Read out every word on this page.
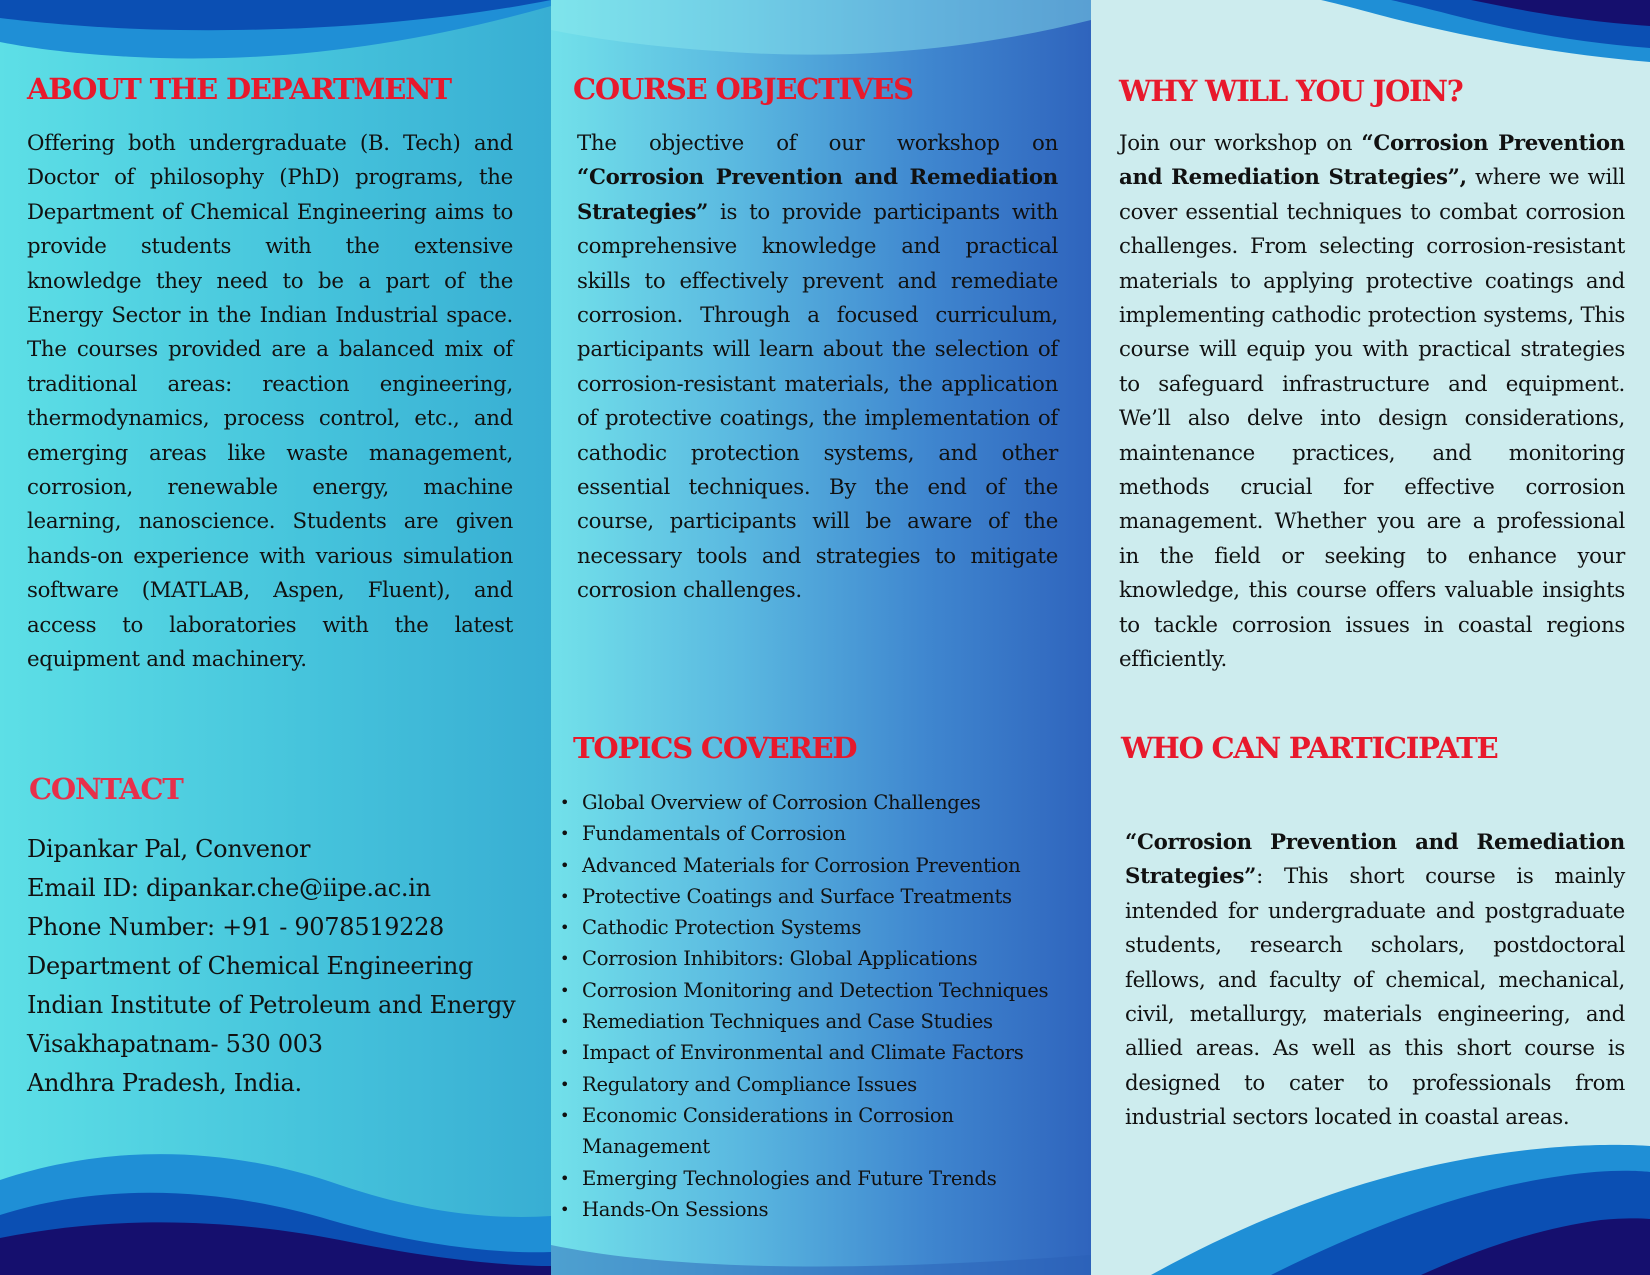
ABOUT THE DEPARTMENT

Offering both undergraduate (B. Tech) and Doctor of philosophy (PhD) programs, the Department of Chemical Engineering aims to provide students with the extensive knowledge they need to be a part of the Energy Sector in the Indian Industrial space. The courses provided are a balanced mix of traditional areas: reaction engineering, thermodynamics, process control, etc., and emerging areas like waste management, corrosion, renewable energy, machine learning, nanoscience. Students are given hands-on experience with various simulation software (MATLAB, Aspen, Fluent), and access to laboratories with the latest equipment and machinery.

CONTACT
Dipankar Pal, Convenor
Email ID: dipankar.che@iipe.ac.in
Phone Number: +91 - 9078519228
Department of Chemical Engineering
Indian Institute of Petroleum and Energy
Visakhapatnam- 530 003
Andhra Pradesh, India.
COURSE OBJECTIVES

The objective of our workshop on “Corrosion Prevention and Remediation Strategies” is to provide participants with comprehensive knowledge and practical skills to effectively prevent and remediate corrosion. Through a focused curriculum, participants will learn about the selection of corrosion-resistant materials, the application of protective coatings, the implementation of cathodic protection systems, and other essential techniques. By the end of the course, participants will be aware of the necessary tools and strategies to mitigate corrosion challenges.

TOPICS COVERED
• Global Overview of Corrosion Challenges
• Fundamentals of Corrosion
• Advanced Materials for Corrosion Prevention
• Protective Coatings and Surface Treatments
• Cathodic Protection Systems
• Corrosion Inhibitors: Global Applications
• Corrosion Monitoring and Detection Techniques
• Remediation Techniques and Case Studies
• Impact of Environmental and Climate Factors
• Regulatory and Compliance Issues
• Economic Considerations in Corrosion Management
• Emerging Technologies and Future Trends
• Hands-On Sessions
WHY WILL YOU JOIN?

Join our workshop on “Corrosion Prevention and Remediation Strategies”, where we will cover essential techniques to combat corrosion challenges. From selecting corrosion-resistant materials to applying protective coatings and implementing cathodic protection systems, This course will equip you with practical strategies to safeguard infrastructure and equipment. We’ll also delve into design considerations, maintenance practices, and monitoring methods crucial for effective corrosion management. Whether you are a professional in the field or seeking to enhance your knowledge, this course offers valuable insights to tackle corrosion issues in coastal regions efficiently.

WHO CAN PARTICIPATE

“Corrosion Prevention and Remediation Strategies”: This short course is mainly intended for undergraduate and postgraduate students, research scholars, postdoctoral fellows, and faculty of chemical, mechanical, civil, metallurgy, materials engineering, and allied areas. As well as this short course is designed to cater to professionals from industrial sectors located in coastal areas.
